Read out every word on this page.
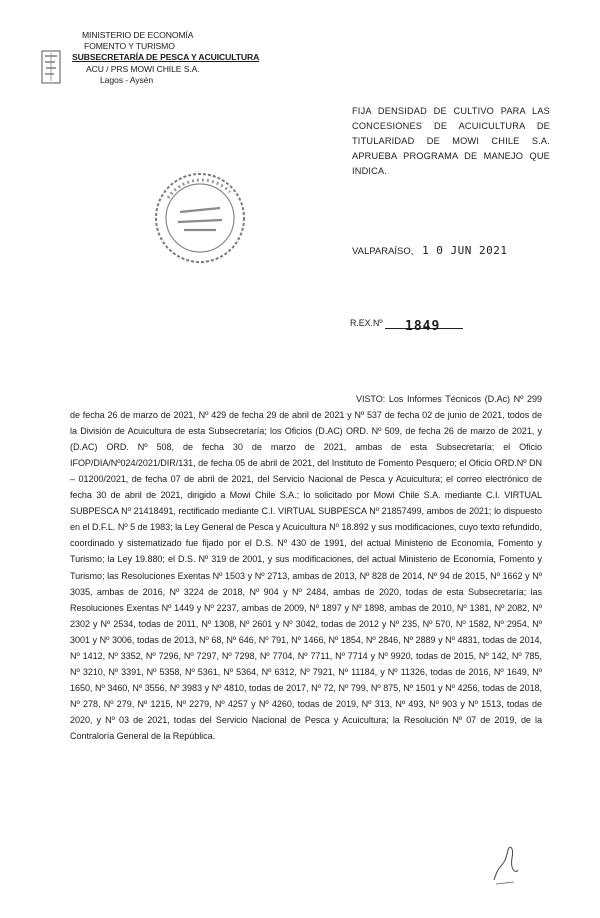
MINISTERIO DE ECONOMÍA
FOMENTO Y TURISMO
SUBSECRETARÍA DE PESCA Y ACUICULTURA
ACU / PRS MOWI CHILE S.A.
Lagos - Aysén
FIJA DENSIDAD DE CULTIVO PARA LAS CONCESIONES DE ACUICULTURA DE TITULARIDAD DE MOWI CHILE S.A. APRUEBA PROGRAMA DE MANEJO QUE INDICA.
VALPARAÍSO, 1 0 JUN 2021
R.EX.Nº 1849

VISTO: Los Informes Técnicos (D.Ac) Nº 299 de fecha 26 de marzo de 2021, Nº 429 de fecha 29 de abril de 2021 y Nº 537 de fecha 02 de junio de 2021, todos de la División de Acuicultura de esta Subsecretaría; los Oficios (D.AC) ORD. Nº 509, de fecha 26 de marzo de 2021, y (D.AC) ORD. Nº 508, de fecha 30 de marzo de 2021, ambas de esta Subsecretaría; el Oficio IFOP/DIA/Nº024/2021/DIR/131, de fecha 05 de abril de 2021, del Instituto de Fomento Pesquero; el Oficio ORD.Nº DN – 01200/2021, de fecha 07 de abril de 2021, del Servicio Nacional de Pesca y Acuicultura; el correo electrónico de fecha 30 de abril de 2021, dirigido a Mowi Chile S.A.; lo solicitado por Mowi Chile S.A. mediante C.I. VIRTUAL SUBPESCA Nº 21418491, rectificado mediante C.I. VIRTUAL SUBPESCA Nº 21857499, ambos de 2021; lo dispuesto en el D.F.L. Nº 5 de 1983; la Ley General de Pesca y Acuicultura Nº 18.892 y sus modificaciones, cuyo texto refundido, coordinado y sistematizado fue fijado por el D.S. Nº 430 de 1991, del actual Ministerio de Economía, Fomento y Turismo; la Ley 19.880; el D.S. Nº 319 de 2001, y sus modificaciones, del actual Ministerio de Economía, Fomento y Turismo; las Resoluciones Exentas Nº 1503 y Nº 2713, ambas de 2013, Nº 828 de 2014, Nº 94 de 2015, Nº 1662 y Nº 3035, ambas de 2016, Nº 3224 de 2018, Nº 904 y Nº 2484, ambas de 2020, todas de esta Subsecretaría; las Resoluciones Exentas Nº 1449 y Nº 2237, ambas de 2009, Nº 1897 y Nº 1898, ambas de 2010, Nº 1381, Nº 2082, Nº 2302 y Nº 2534, todas de 2011, Nº 1308, Nº 2601 y Nº 3042, todas de 2012 y Nº 235, Nº 570, Nº 1582, Nº 2954, Nº 3001 y Nº 3006, todas de 2013, Nº 68, Nº 646, Nº 791, Nº 1466, Nº 1854, Nº 2846, Nº 2889 y Nº 4831, todas de 2014, Nº 1412, Nº 3352, Nº 7296, Nº 7297, Nº 7298, Nº 7704, Nº 7711, Nº 7714 y Nº 9920, todas de 2015, Nº 142, Nº 785, Nº 3210, Nº 3391, Nº 5358, Nº 5361, Nº 5364, Nº 6312, Nº 7921, Nº 11184, y Nº 11326, todas de 2016, Nº 1649, Nº 1650, Nº 3460, Nº 3556, Nº 3983 y Nº 4810, todas de 2017, Nº 72, Nº 799, Nº 875, Nº 1501 y Nº 4256, todas de 2018, Nº 278, Nº 279, Nº 1215, Nº 2279, Nº 4257 y Nº 4260, todas de 2019, Nº 313, Nº 493, Nº 903 y Nº 1513, todas de 2020, y Nº 03 de 2021, todas del Servicio Nacional de Pesca y Acuicultura; la Resolución Nº 07 de 2019, de la Contraloría General de la República.
